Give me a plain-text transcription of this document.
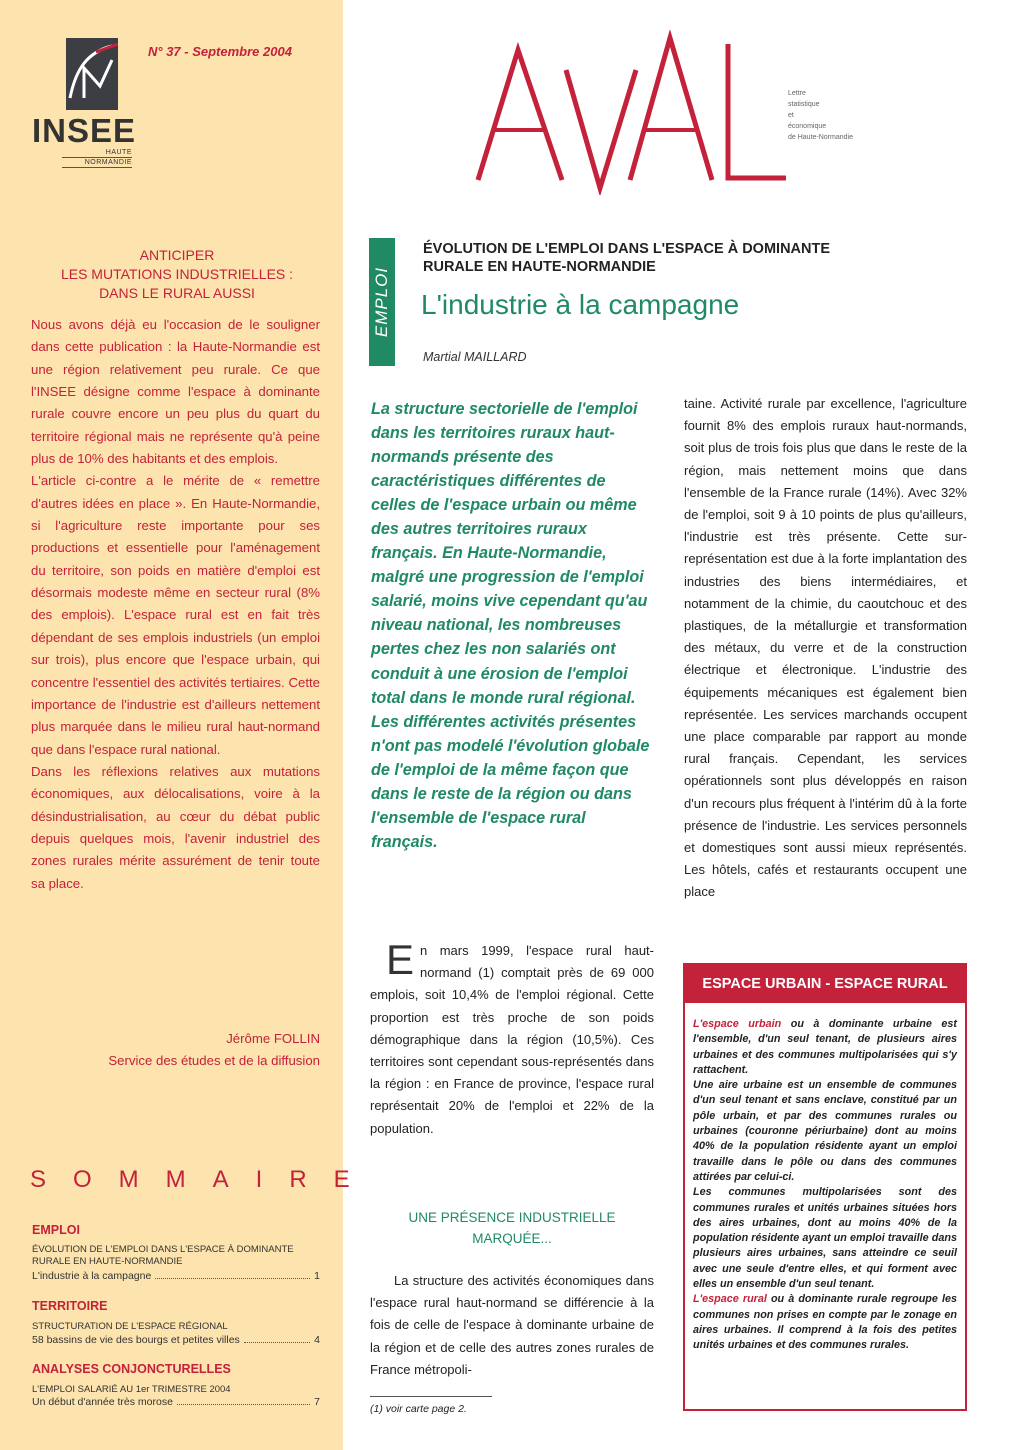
INSEE
HAUTE
NORMANDIE
N° 37 - Septembre 2004
ANTICIPER
LES MUTATIONS INDUSTRIELLES :
DANS LE RURAL AUSSI

Nous avons déjà eu l'occasion de le souligner dans cette publication : la Haute-Normandie est une région relativement peu rurale. Ce que l'INSEE désigne comme l'espace à dominante rurale couvre encore un peu plus du quart du territoire régional mais ne représente qu'à peine plus de 10% des habitants et des emplois.

L'article ci-contre a le mérite de « remettre d'autres idées en place ». En Haute-Normandie, si l'agriculture reste importante pour ses productions et essentielle pour l'aménagement du territoire, son poids en matière d'emploi est désormais modeste même en secteur rural (8% des emplois). L'espace rural est en fait très dépendant de ses emplois industriels (un emploi sur trois), plus encore que l'espace urbain, qui concentre l'essentiel des activités tertiaires. Cette importance de l'industrie est d'ailleurs nettement plus marquée dans le milieu rural haut-normand que dans l'espace rural national.

Dans les réflexions relatives aux mutations économiques, aux délocalisations, voire à la désindustrialisation, au cœur du débat public depuis quelques mois, l'avenir industriel des zones rurales mérite assurément de tenir toute sa place.

Jérôme FOLLIN
Service des études et de la diffusion
SOMMAIRE
EMPLOI
ÉVOLUTION DE L'EMPLOI DANS L'ESPACE À DOMINANTE
RURALE EN HAUTE-NORMANDIE
L'industrie à la campagne	1
TERRITOIRE
STRUCTURATION DE L'ESPACE RÉGIONAL
58 bassins de vie des bourgs et petites villes	4
ANALYSES CONJONCTURELLES
L'EMPLOI SALARIÉ AU 1er TRIMESTRE 2004
Un début d'année très morose	7
Lettre
statistique
et
économique
de Haute-Normandie
EMPLOI
ÉVOLUTION DE L'EMPLOI DANS L'ESPACE À DOMINANTE
RURALE EN HAUTE-NORMANDIE
L'industrie à la campagne
Martial MAILLARD
La structure sectorielle de l'emploi dans les territoires ruraux haut-normands présente des caractéristiques différentes de celles de l'espace urbain ou même des autres territoires ruraux français. En Haute-Normandie, malgré une progression de l'emploi salarié, moins vive cependant qu'au niveau national, les nombreuses pertes chez les non salariés ont conduit à une érosion de l'emploi total dans le monde rural régional. Les différentes activités présentes n'ont pas modelé l'évolution globale de l'emploi de la même façon que dans le reste de la région ou dans l'ensemble de l'espace rural français.
En mars 1999, l'espace rural haut-normand (1) comptait près de 69 000 emplois, soit 10,4% de l'emploi régional. Cette proportion est très proche de son poids démographique dans la région (10,5%). Ces territoires sont cependant sous-représentés dans la région : en France de province, l'espace rural représentait 20% de l'emploi et 22% de la population.
UNE PRÉSENCE INDUSTRIELLE MARQUÉE...
La structure des activités économiques dans l'espace rural haut-normand se différencie à la fois de celle de l'espace à dominante urbaine de la région et de celle des autres zones rurales de France métropoli-
(1) voir carte page 2.
taine. Activité rurale par excellence, l'agriculture fournit 8% des emplois ruraux haut-normands, soit plus de trois fois plus que dans le reste de la région, mais nettement moins que dans l'ensemble de la France rurale (14%). Avec 32% de l'emploi, soit 9 à 10 points de plus qu'ailleurs, l'industrie est très présente. Cette sur-représentation est due à la forte implantation des industries des biens intermédiaires, et notamment de la chimie, du caoutchouc et des plastiques, de la métallurgie et transformation des métaux, du verre et de la construction électrique et électronique. L'industrie des équipements mécaniques est également bien représentée. Les services marchands occupent une place comparable par rapport au monde rural français. Cependant, les services opérationnels sont plus développés en raison d'un recours plus fréquent à l'intérim dû à la forte présence de l'industrie. Les services personnels et domestiques sont aussi mieux représentés. Les hôtels, cafés et restaurants occupent une place
ESPACE URBAIN - ESPACE RURAL

L'espace urbain ou à dominante urbaine est l'ensemble, d'un seul tenant, de plusieurs aires urbaines et des communes multipolarisées qui s'y rattachent.

Une aire urbaine est un ensemble de communes d'un seul tenant et sans enclave, constitué par un pôle urbain, et par des communes rurales ou urbaines (couronne périurbaine) dont au moins 40% de la population résidente ayant un emploi travaille dans le pôle ou dans des communes attirées par celui-ci.

Les communes multipolarisées sont des communes rurales et unités urbaines situées hors des aires urbaines, dont au moins 40% de la population résidente ayant un emploi travaille dans plusieurs aires urbaines, sans atteindre ce seuil avec une seule d'entre elles, et qui forment avec elles un ensemble d'un seul tenant.

L'espace rural ou à dominante rurale regroupe les communes non prises en compte par le zonage en aires urbaines. Il comprend à la fois des petites unités urbaines et des communes rurales.
